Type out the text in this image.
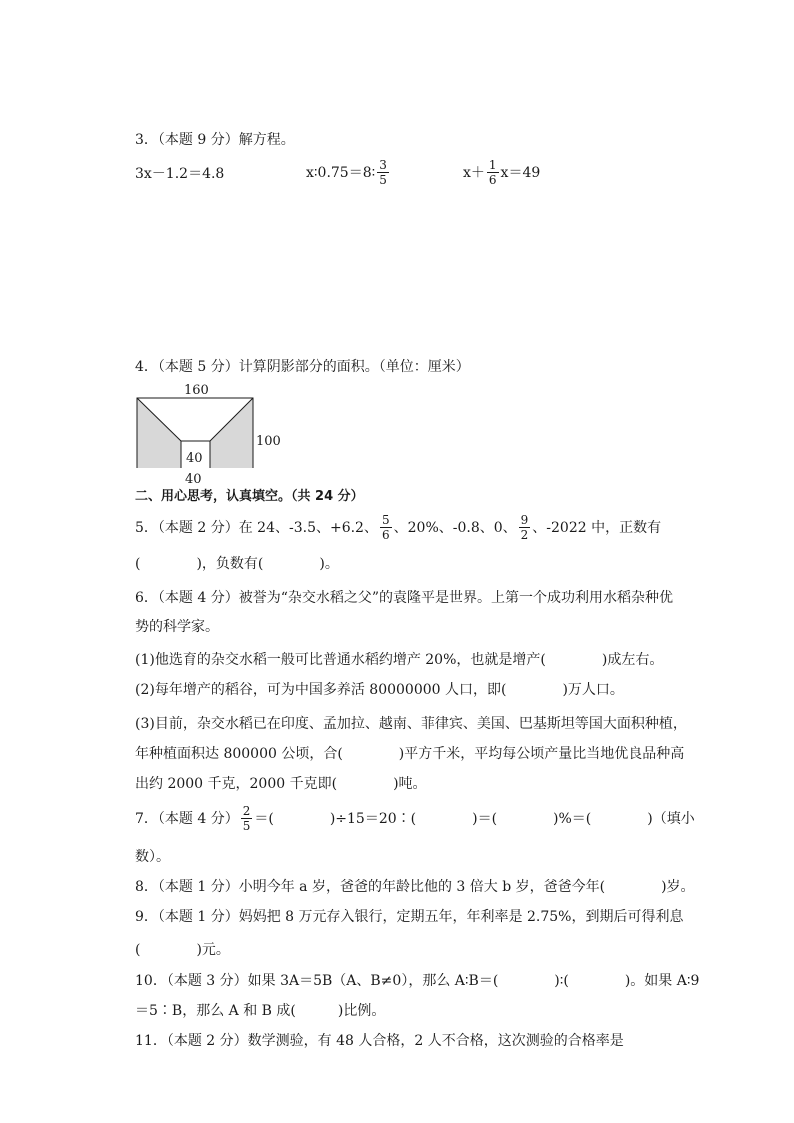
3．（本题 9 分）解方程。
3x－1.2＝4.8	x∶0.75＝8∶ $\frac{3}{5}$	$x+ \frac{1}{6} x=49$
4．（本题 5 分）计算阴影部分的面积。（单位：厘米）
160
40
100
40
二、用心思考，认真填空。（共 24 分）
5．（本题 2 分）在 24、-3.5、+6.2、 $\frac{5}{6}$ 、20%、-0.8、0、 $\frac{9}{2}$ 、-2022 中，正数有
(　　　　)，负数有(　　　　)。
6．（本题 4 分）被誉为“杂交水稻之父”的袁隆平是世界。上第一个成功利用水稻杂种优
势的科学家。
(1)他选育的杂交水稻一般可比普通水稻约增产 20%，也就是增产(　　　　)成左右。
(2)每年增产的稻谷，可为中国多养活 80000000 人口，即(　　　　)万人口。
(3)目前，杂交水稻已在印度、孟加拉、越南、菲律宾、美国、巴基斯坦等国大面积种植，
年种植面积达 800000 公顷，合(　　　　)平方千米，平均每公顷产量比当地优良品种高
出约 2000 千克，2000 千克即(　　　　)吨。
7．（本题 4 分） $\frac{2}{5}$ ＝(　　　　)÷15＝20∶(　　　　)＝(　　　　)%＝(　　　　)（填小
数）。
8．（本题 1 分）小明今年 a 岁，爸爸的年龄比他的 3 倍大 b 岁，爸爸今年(　　　　)岁。
9．（本题 1 分）妈妈把 8 万元存入银行，定期五年，年利率是 2.75%，到期后可得利息
(　　　　)元。
10．（本题 3 分）如果 3A＝5B（A、B≠0），那么 A∶B＝(　　　　)∶(　　　　)。如果 A∶9
＝5∶B，那么 A 和 B 成(　　　)比例。
11．（本题 2 分）数学测验，有 48 人合格，2 人不合格，这次测验的合格率是
